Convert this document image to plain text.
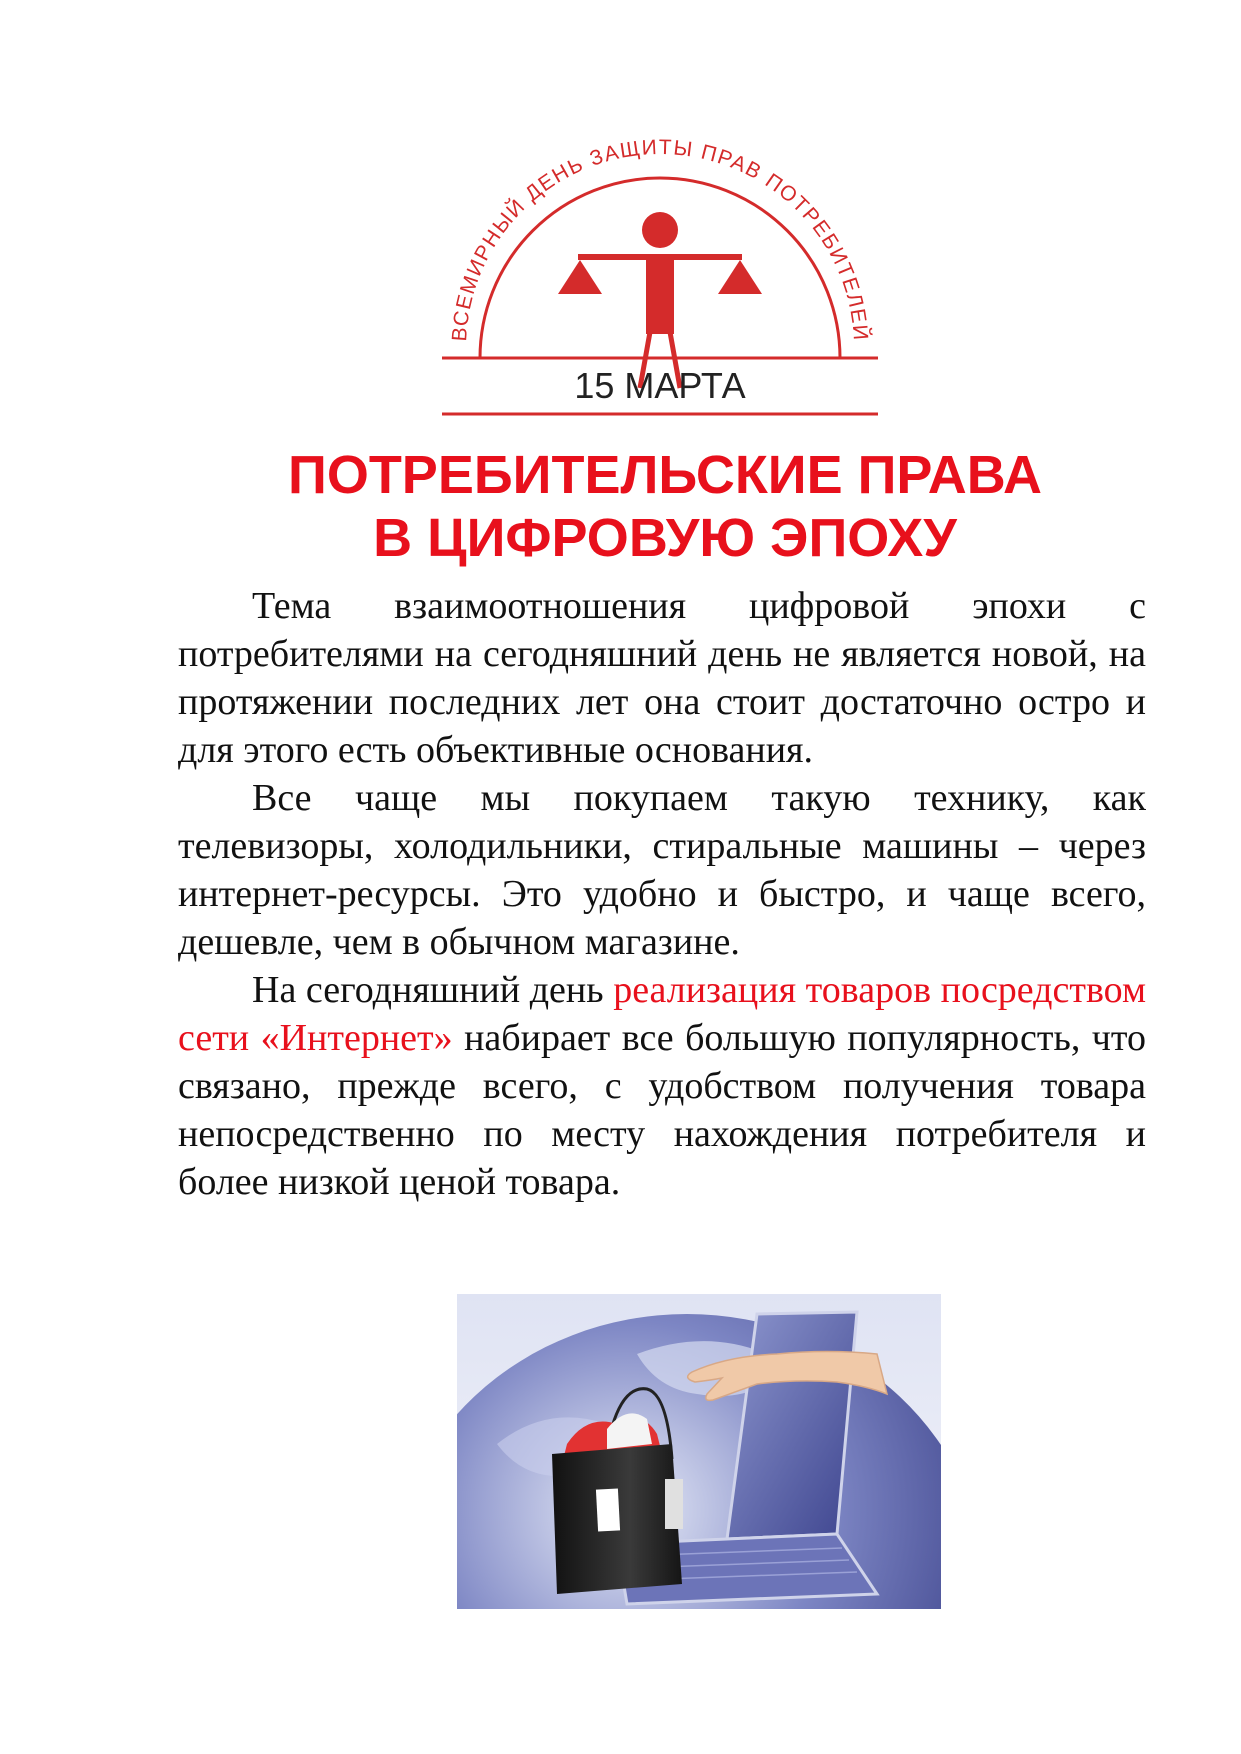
ВСЕМИРНЫЙ ДЕНЬ ЗАЩИТЫ ПРАВ ПОТРЕБИТЕЛЕЙ
15 МАРТА
ПОТРЕБИТЕЛЬСКИЕ ПРАВА
В ЦИФРОВУЮ ЭПОХУ

Тема взаимоотношения цифровой эпохи с потребителями на сегодняшний день не является новой, на протяжении последних лет она стоит достаточно остро и для этого есть объективные основания.

Все чаще мы покупаем такую технику, как телевизоры, холодильники, стиральные машины – через интернет-ресурсы. Это удобно и быстро, и чаще всего, дешевле, чем в обычном магазине.

На сегодняшний день реализация товаров посредством сети «Интернет» набирает все большую популярность, что связано, прежде всего, с удобством получения товара непосредственно по месту нахождения потребителя и более низкой ценой товара.
